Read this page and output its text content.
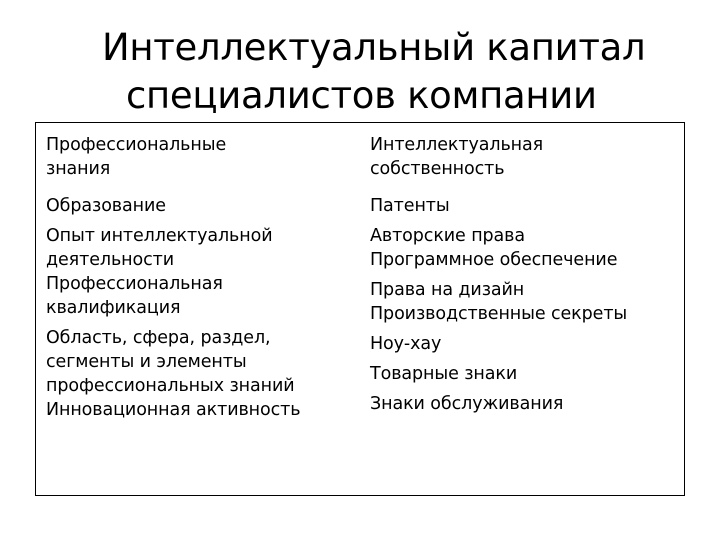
Интеллектуальный капитал
специалистов компании
Профессиональные
знания
Образование
Опыт интеллектуальной
деятельности
Профессиональная
квалификация
Область, сфера, раздел,
сегменты и элементы
профессиональных знаний
Инновационная активность
Интеллектуальная
собственность
Патенты
Авторские права
Программное обеспечение
Права на дизайн
Производственные секреты
Ноу-хау
Товарные знаки
Знаки обслуживания
